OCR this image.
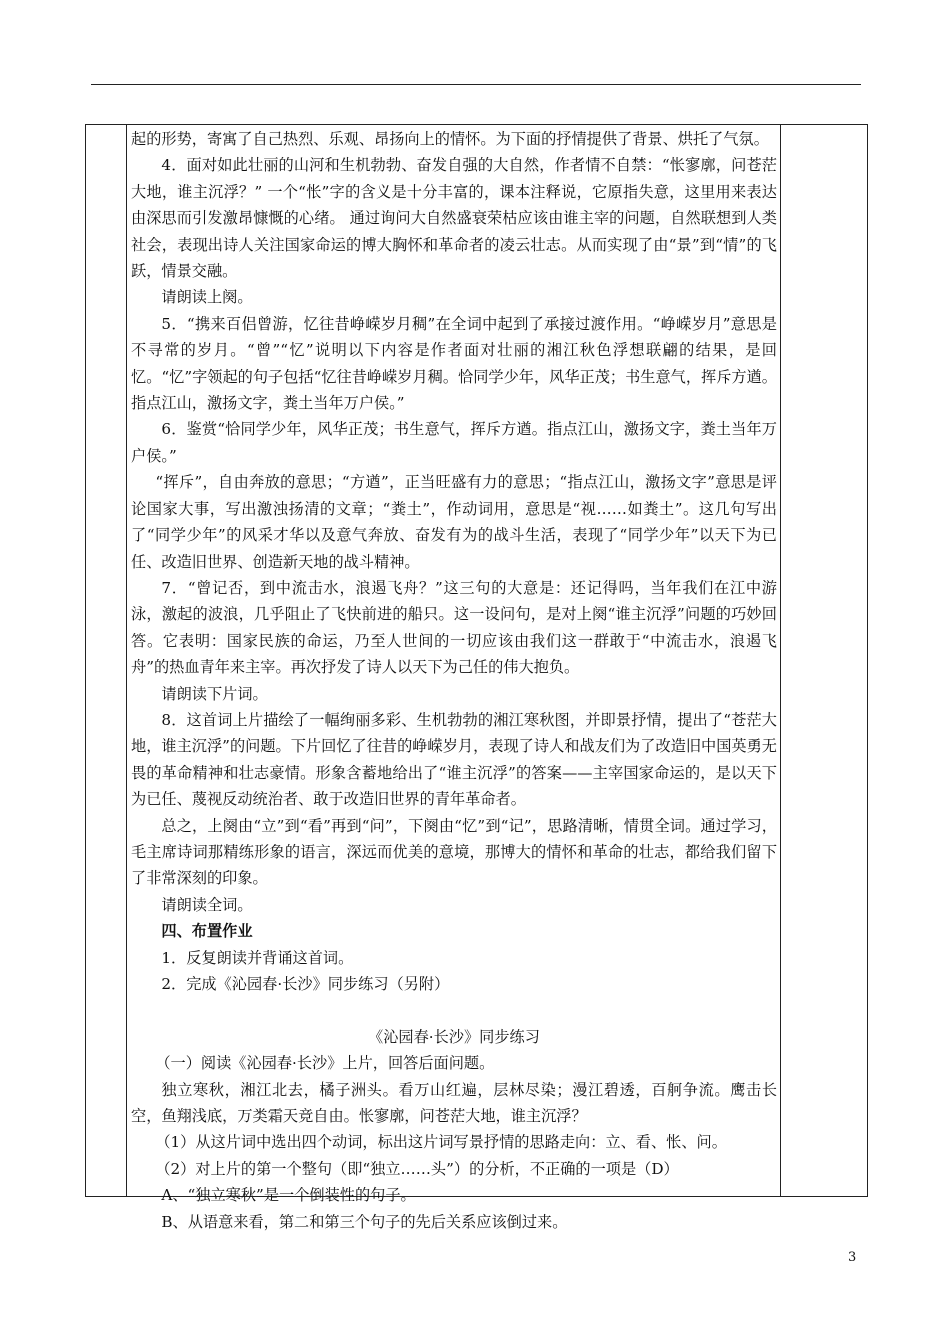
起的形势，寄寓了自己热烈、乐观、昂扬向上的情怀。为下面的抒情提供了背景、烘托了气氛。

4．面对如此壮丽的山河和生机勃勃、奋发自强的大自然，作者情不自禁：“怅寥廓，问苍茫大地，谁主沉浮？” 一个“怅”字的含义是十分丰富的，课本注释说，它原指失意，这里用来表达由深思而引发激昂慷慨的心绪。 通过询问大自然盛衰荣枯应该由谁主宰的问题，自然联想到人类社会，表现出诗人关注国家命运的博大胸怀和革命者的凌云壮志。从而实现了由“景”到“情”的飞跃，情景交融。

请朗读上阕。

5．“携来百侣曾游，忆往昔峥嵘岁月稠”在全词中起到了承接过渡作用。“峥嵘岁月”意思是不寻常的岁月。“曾”“忆”说明以下内容是作者面对壮丽的湘江秋色浮想联翩的结果，是回忆。“忆”字领起的句子包括“忆往昔峥嵘岁月稠。恰同学少年，风华正茂；书生意气，挥斥方遒。指点江山，激扬文字，粪土当年万户侯。”

6．鉴赏“恰同学少年，风华正茂；书生意气，挥斥方遒。指点江山，激扬文字，粪土当年万户侯。”

“挥斥”，自由奔放的意思；“方遒”，正当旺盛有力的意思；“指点江山，激扬文字”意思是评论国家大事，写出激浊扬清的文章；“粪土”，作动词用，意思是“视……如粪土”。这几句写出了“同学少年”的风采才华以及意气奔放、奋发有为的战斗生活，表现了“同学少年”以天下为已任、改造旧世界、创造新天地的战斗精神。

7．“曾记否，到中流击水，浪遏飞舟？”这三句的大意是：还记得吗，当年我们在江中游泳，激起的波浪，几乎阻止了飞快前进的船只。这一设问句，是对上阕“谁主沉浮”问题的巧妙回答。它表明：国家民族的命运，乃至人世间的一切应该由我们这一群敢于“中流击水，浪遏飞舟”的热血青年来主宰。再次抒发了诗人以天下为己任的伟大抱负。

请朗读下片词。

8．这首词上片描绘了一幅绚丽多彩、生机勃勃的湘江寒秋图，并即景抒情，提出了“苍茫大地，谁主沉浮”的问题。下片回忆了往昔的峥嵘岁月，表现了诗人和战友们为了改造旧中国英勇无畏的革命精神和壮志豪情。形象含蓄地给出了“谁主沉浮”的答案——主宰国家命运的，是以天下为已任、蔑视反动统治者、敢于改造旧世界的青年革命者。

总之，上阕由“立”到“看”再到“问”，下阕由“忆”到“记”，思路清晰，情贯全词。通过学习，毛主席诗词那精练形象的语言，深远而优美的意境，那博大的情怀和革命的壮志，都给我们留下了非常深刻的印象。

请朗读全词。

四、布置作业

1．反复朗读并背诵这首词。

2．完成《沁园春·长沙》同步练习（另附）

《沁园春·长沙》同步练习

（一）阅读《沁园春·长沙》上片，回答后面问题。

独立寒秋，湘江北去，橘子洲头。看万山红遍，层林尽染；漫江碧透，百舸争流。鹰击长空，鱼翔浅底，万类霜天竞自由。怅寥廓，问苍茫大地，谁主沉浮？

（1）从这片词中选出四个动词，标出这片词写景抒情的思路走向：立、看、怅、问。

（2）对上片的第一个整句（即“独立……头”）的分析，不正确的一项是（D）

A、“独立寒秋”是一个倒装性的句子。

B、从语意来看，第二和第三个句子的先后关系应该倒过来。

3
